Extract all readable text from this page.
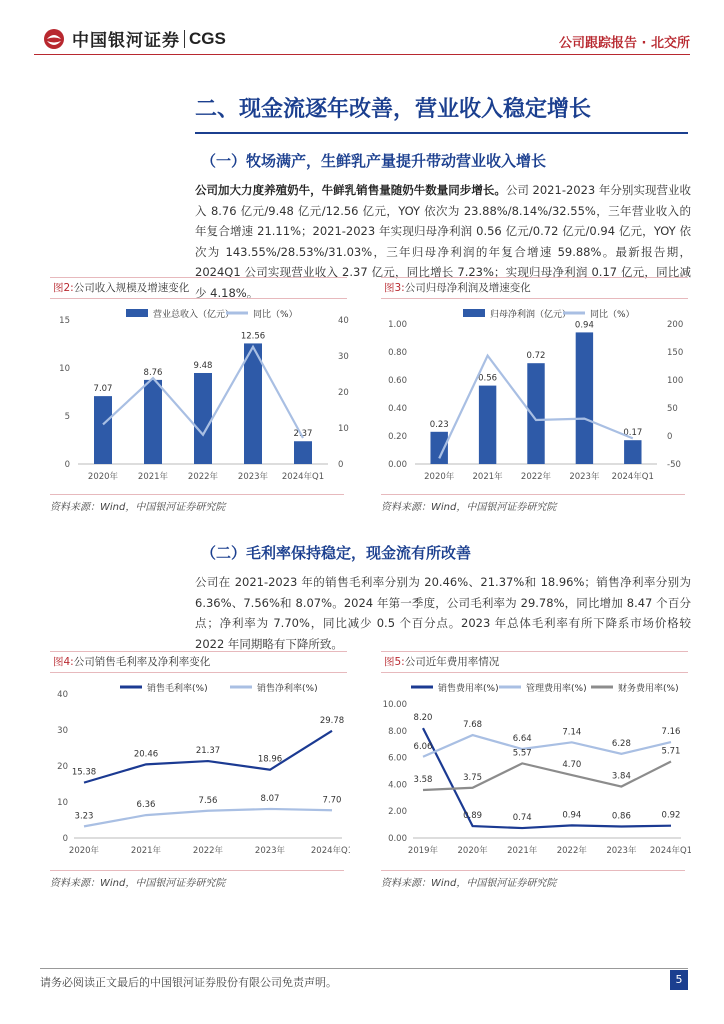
中国银河证券 CGS	公司跟踪报告 · 北交所
二、现金流逐年改善，营业收入稳定增长
（一）牧场满产，生鲜乳产量提升带动营业收入增长
公司加大力度养殖奶牛，牛鲜乳销售量随奶牛数量同步增长。公司 2021-2023 年分别实现营业收入 8.76 亿元/9.48 亿元/12.56 亿元，YOY 依次为 23.88%/8.14%/32.55%，三年营业收入的年复合增速 21.11%；2021-2023 年实现归母净利润 0.56 亿元/0.72 亿元/0.94 亿元，YOY 依次为 143.55%/28.53%/31.03%，三年归母净利润的年复合增速 59.88%。最新报告期，2024Q1 公司实现营业收入 2.37 亿元，同比增长 7.23%；实现归母净利润 0.17 亿元，同比减少 4.18%。
图2:公司收入规模及增速变化
0
5
10
15
0
10
20
30
40
7.07
2020年
8.76
2021年
9.48
2022年
12.56
2023年
2.37
2024年Q1
营业总收入（亿元） 同比（%）
资料来源：Wind，中国银河证券研究院
图3:公司归母净利润及增速变化
0.00
0.20
0.40
0.60
0.80
1.00
-50
0
50
100
150
200
0.23
2020年
0.56
2021年
0.72
2022年
0.94
2023年
0.17
2024年Q1
归母净利润（亿元） 同比（%）
资料来源：Wind，中国银河证券研究院
（二）毛利率保持稳定，现金流有所改善
公司在 2021-2023 年的销售毛利率分别为 20.46%、21.37%和 18.96%；销售净利率分别为 6.36%、7.56%和 8.07%。2024 年第一季度，公司毛利率为 29.78%，同比增加 8.47 个百分点；净利率为 7.70%，同比减少 0.5 个百分点。2023 年总体毛利率有所下降系市场价格较 2022 年同期略有下降所致。
图4:公司销售毛利率及净利率变化
0
10
20
30
40
2020年	2021年	2022年	2023年	2024年Q1
15.38
20.46	21.37
18.96
29.78
3.23
6.36	7.56	8.07	7.70
销售毛利率(%)	销售净利率(%)
资料来源：Wind，中国银河证券研究院
图5:公司近年费用率情况
0.00
2.00
4.00
6.00
8.00
10.00
2019年 2020年 2021年 2022年 2023年 2024年Q1
8.20
0.89	0.74	0.94	0.86	0.92
6.06
7.68
6.64
7.14
6.28
7.16
3.58	3.75
5.57
4.70
3.84
5.71
销售费用率(%)	管理费用率(%)	财务费用率(%)
资料来源：Wind，中国银河证券研究院
请务必阅读正文最后的中国银河证券股份有限公司免责声明。	5
